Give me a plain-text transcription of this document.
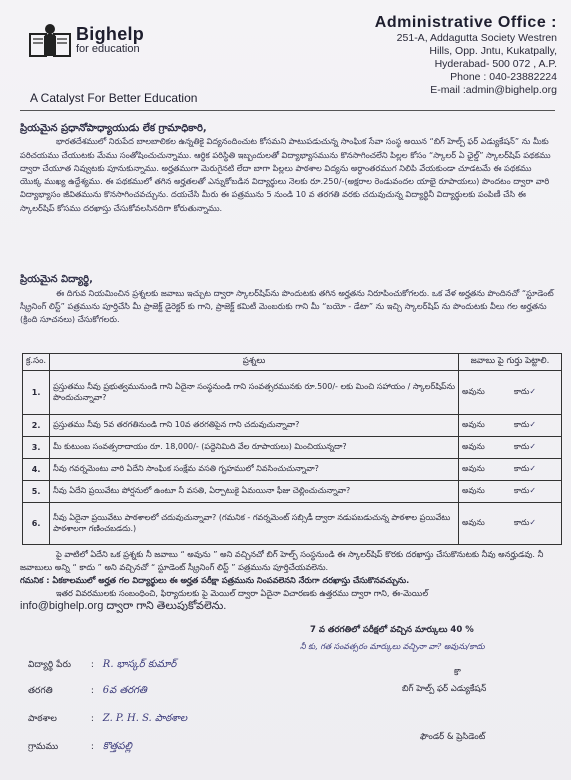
Bighelp
for education
A Catalyst For Better Education
Administrative Office :
251-A, Addagutta Society Westren
Hills, Opp. Jntu, Kukatpally,
Hyderabad- 500 072 , A.P.
Phone : 040-23882224
E-mail :admin@bighelp.org
ప్రియమైన ప్రధానోపాధ్యాయుడు లేక గ్రామాధికారి,
భారతదేశములో నిరుపేద బాలబాలికల ఉన్నతికై విద్యనందించుట కోసమని పాటుపడుచున్న సాంఘిక సేవా సంస్థ అయిన “బిగ్ హెల్ప్ ఫర్ ఎడ్యుకేషన్” ను మీకు పరిచయము చేయుటకు మేము సంతోషించుచున్నాము. ఆర్థిక పరిస్థితి ఇబ్బందులతో విద్యాభ్యాసమును కొనసాగించలేని పిల్లల కోసం “స్కాలర్ ఏ ఛైల్డ్” స్కాలర్‌షిప్ పథకము ద్వారా చేయూత నివ్వుటకు పూనుకున్నాము. అర్హతముగా మెరుగైనటి లేదా బాగా పిల్లలు పాఠశాల విద్యను అర్ధాంతరముగ నిలిపి వేయకుండా చూడటమే ఈ పథకము యొక్క ముఖ్య ఉద్దేశ్యము. ఈ పథకములో తగిన అర్హతలతో ఎన్నుకోబడిన విద్యార్థులు నెలకు రూ.250/-(అక్షరాల రెండువందల యాభై రూపాయలు) పొందటం ద్వారా వారి విద్యాభ్యాసం జీవితమును కొనసాగించవచ్చును. దయచేసి మీరు ఈ పత్రమును 5 నుండి 10 వ తరగతి వరకు చదువుచున్న విద్యార్థినీ విద్యార్థులకు పంపిణీ చేసి ఈ స్కాలర్‌షిప్ కోసము దరఖాస్తు చేసుకోవలసినదిగా కోరుతున్నాము.
ప్రియమైన విద్యార్థి,
ఈ దిగువ నియమించిన ప్రశ్నలకు జవాబు ఇచ్చుట ద్వారా స్కాలర్‌షిప్‌ను పొందుటకు తగిన అర్హతను నిరూపించుకోగలరు. ఒక వేళ అర్హతను పొందినచో “స్టూడెంట్ స్క్రీనింగ్ లిస్ట్” పత్రమును పూర్తిచేసి మీ ప్రాజెక్ట్ డైరెక్టర్ కు గాని, ప్రాజెక్ట్ కమిటీ మెంబరుకు గాని మీ “బయో - డేటా” ను ఇచ్చి స్కాలర్‌షిప్ ను పొందుటకు వీలు గల అర్హతను (క్రింది సూచనలు) చేసుకోగలరు.
క్ర.సం.	ప్రశ్నలు	జవాబు పై గుర్తు పెట్టాలి.
1.	ప్రస్తుతము నీవు ప్రభుత్వమునుండి గాని ఏదైనా సంస్థనుండి గాని సంవత్సరమునకు రూ.500/- లకు మించి సహాయం / స్కాలర్‌షిప్‌ను పొందుచున్నావా?	అవును కాదు✓
2.	ప్రస్తుతము నీవు 5వ తరగతినుండి గాని 10వ తరగతిపైన గాని చదువుచున్నావా?	అవును కాదు✓
3.	మీ కుటుంబ సంవత్సరాదాయం రూ. 18,000/- (పద్దెనిమిది వేల రూపాయలు) మించియున్నదా?	అవును కాదు✓
4.	నీవు గవర్నమెంటు వారి ఏదేని సాంఘిక సంక్షేమ వసతి గృహములో నివసించుచున్నావా?	అవును కాదు✓
5.	నీవు ఏదేని ప్రయివేటు పోర్షనులో ఉంటూ నీ వసతి, ఏర్పాటుకై ఏమయినా ఫీజు చెల్లించుచున్నావా?	అవును కాదు✓
6.	నీవు ఏదైనా ప్రయివేటు పాఠశాలలో చదువుచున్నావా? (గమనిక - గవర్నమెంట్ సబ్సిడీ ద్వారా నడుపబడుచున్న పాఠశాల ప్రయివేటు పాఠశాలగా గణించబడదు.)	అవును కాదు✓
పై వాటిలో ఏదేని ఒక ప్రశ్నకు నీ జవాబు “ అవును ” అని వచ్చినచో బిగ్ హెల్ప్ సంస్థనుండి ఈ స్కాలర్‌షిప్ కొరకు దరఖాస్తు చేసుకొనుటకు నీవు అనర్హుడవు. నీ జవాబులు అన్ని “ కాదు ” అని వచ్చినచో “ స్టూడెంట్ స్క్రీనింగ్ లిస్ట్ ” పత్రమును పూర్తిచేయవలెను.
గమనిక : ఏకకాలములో అర్హత గల విద్యార్థులు ఈ అర్హత పరీక్షా పత్రమును నింపవలెనని నేరుగా దరఖాస్తు చేసుకొనవచ్చును.
ఇతర వివరములకు సంబంధించి, ఫిర్యాదులకు పై మెయిల్ ద్వారా ఏదైనా విచారణకు ఉత్తరము ద్వారా గాని, ఈ-మెయిల్
info@bighelp.org ద్వారా గాని తెలుపుకోవలెను.
7 వ తరగతిలో పరీక్షలో వచ్చిన మార్కులు 40 %
నీ కు, గత సంవత్సరం మార్కులు వచ్చినా వా? అవును/కాదు
విద్యార్థి పేరు : R. భాస్కర్ కుమార్
తరగతి	: 6వ తరగతి
పాఠశాల	: Z. P. H. S. పాఠశాల
గ్రామము	: కొత్తపల్లి
కొ
బిగ్ హెల్ప్ ఫర్ ఎడ్యుకేషన్
ఫౌండర్ & ప్రెసిడెంట్
